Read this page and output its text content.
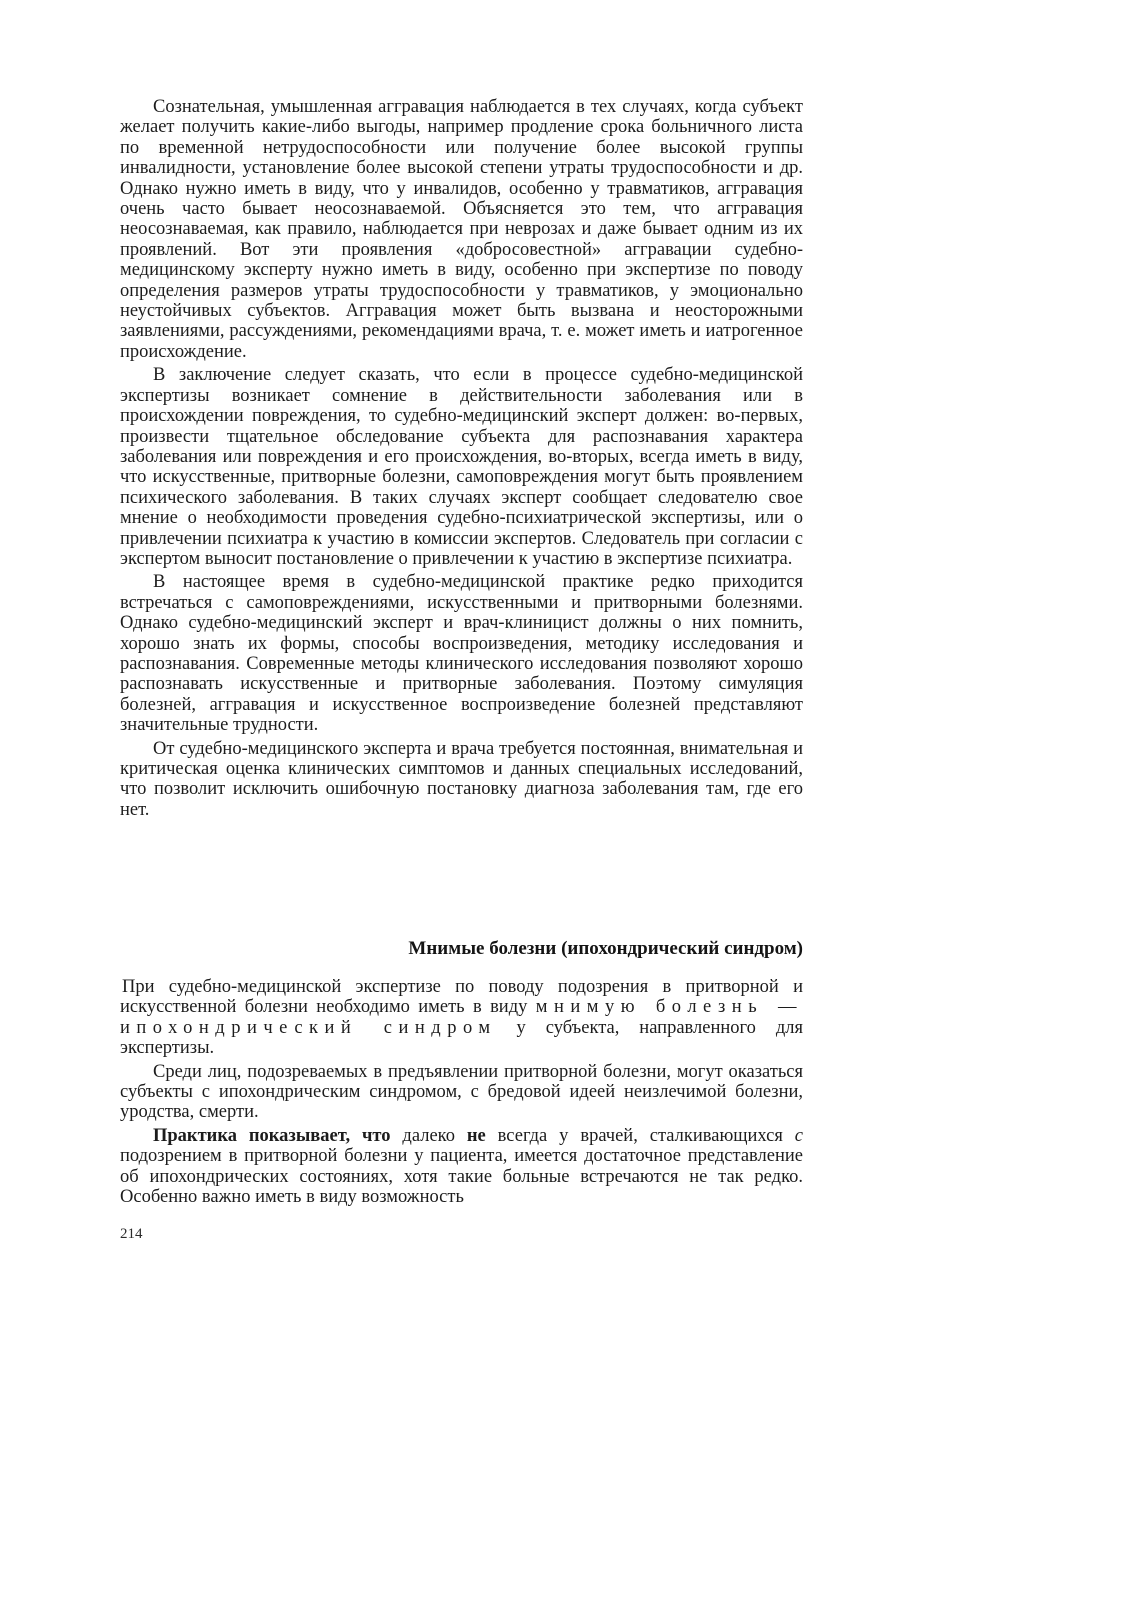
Сознательная, умышленная аггравация наблюдается в тех случаях, когда субъект желает получить какие-либо выгоды, например продление срока больничного листа по временной нетрудоспособности или получение более высокой группы инвалидности, установление более высокой степени утраты трудоспособности и др. Однако нужно иметь в виду, что у инвалидов, особенно у травматиков, аггравация очень часто бывает неосознаваемой. Объясняется это тем, что аггравация неосознаваемая, как правило, наблюдается при неврозах и даже бывает одним из их проявлений. Вот эти проявления «добросовестной» аггравации судебно-медицинскому эксперту нужно иметь в виду, особенно при экспертизе по поводу определения размеров утраты трудоспособности у травматиков, у эмоционально неустойчивых субъектов. Аггравация может быть вызвана и неосторожными заявлениями, рассуждениями, рекомендациями врача, т. е. может иметь и иатрогенное происхождение.

В заключение следует сказать, что если в процессе судебно-медицинской экспертизы возникает сомнение в действительности заболевания или в происхождении повреждения, то судебно-медицинский эксперт должен: во-первых, произвести тщательное обследование субъекта для распознавания характера заболевания или повреждения и его происхождения, во-вторых, всегда иметь в виду, что искусственные, притворные болезни, самоповреждения могут быть проявлением психического заболевания. В таких случаях эксперт сообщает следователю свое мнение о необходимости проведения судебно-психиатрической экспертизы, или о привлечении психиатра к участию в комиссии экспертов. Следователь при согласии с экспертом выносит постановление о привлечении к участию в экспертизе психиатра.

В настоящее время в судебно-медицинской практике редко приходится встречаться с самоповреждениями, искусственными и притворными болезнями. Однако судебно-медицинский эксперт и врач-клиницист должны о них помнить, хорошо знать их формы, способы воспроизведения, методику исследования и распознавания. Современные методы клинического исследования позволяют хорошо распознавать искусственные и притворные заболевания. Поэтому симуляция болезней, аггравация и искусственное воспроизведение болезней представляют значительные трудности.

От судебно-медицинского эксперта и врача требуется постоянная, внимательная и критическая оценка клинических симптомов и данных специальных исследований, что позволит исключить ошибочную постановку диагноза заболевания там, где его нет.

Мнимые болезни (ипохондрический синдром)

При судебно-медицинской экспертизе по поводу подозрения в притворной и искусственной болезни необходимо иметь в виду мнимую болезнь — ипохондрический синдром у субъекта, направленного для экспертизы.

Среди лиц, подозреваемых в предъявлении притворной болезни, могут оказаться субъекты с ипохондрическим синдромом, с бредовой идеей неизлечимой болезни, уродства, смерти.

Практика показывает, что далеко не всегда у врачей, сталкивающихся с подозрением в притворной болезни у пациента, имеется достаточное представление об ипохондрических состояниях, хотя такие больные встречаются не так редко. Особенно важно иметь в виду возможность

214
